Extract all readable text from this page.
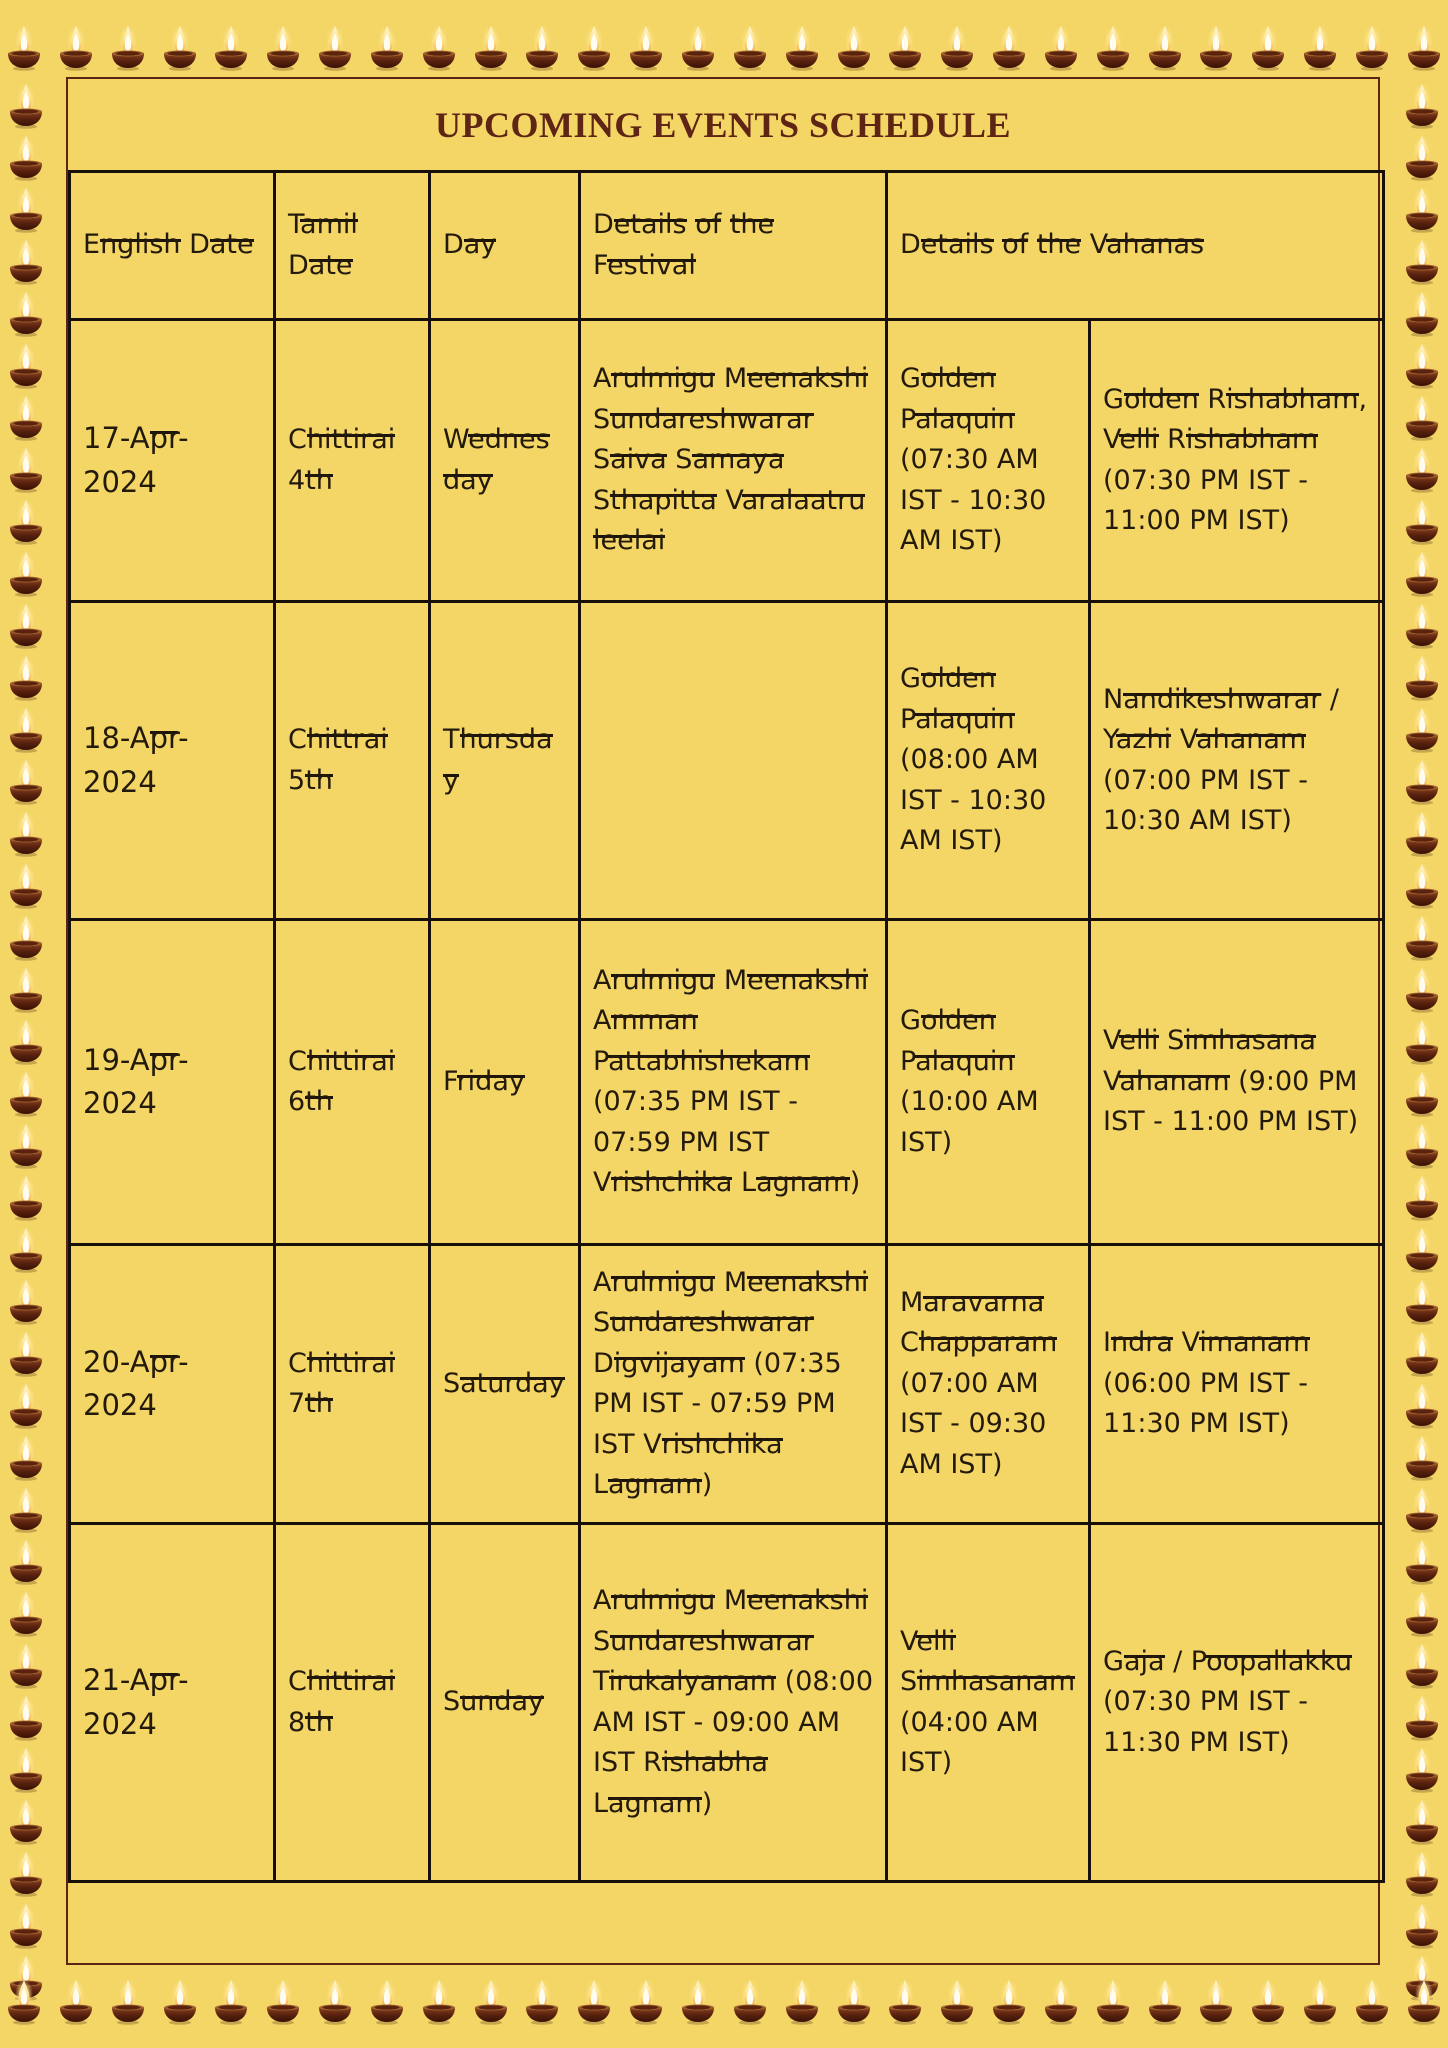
UPCOMING EVENTS SCHEDULE
English Date	Tamil Date	Day	Details of the Festival	Details of the Vahanas	
17-Apr-2024	Chittirai 4th	Wednesday	Arulmigu Meenakshi Sundareshwarar Saiva Samaya Sthapitta Varalaatru leelai	Golden Palaquin (07:30 AM IST - 10:30 AM IST)	Golden Rishabham, Velli Rishabham (07:30 PM IST - 11:00 PM IST)
18-Apr-2024	Chittrai 5th	Thursday		Golden Palaquin (08:00 AM IST - 10:30 AM IST)	Nandikeshwarar / Yazhi Vahanam (07:00 PM IST - 10:30 AM IST)
19-Apr-2024	Chittirai 6th	Friday	Arulmigu Meenakshi Amman Pattabhishekam (07:35 PM IST - 07:59 PM IST Vrishchika Lagnam)	Golden Palaquin (10:00 AM IST)	Velli Simhasana Vahanam (9:00 PM IST - 11:00 PM IST)
20-Apr-2024	Chittirai 7th	Saturday	Arulmigu Meenakshi Sundareshwarar Digvijayam (07:35 PM IST - 07:59 PM IST Vrishchika Lagnam)	Maravarna Chapparam (07:00 AM IST - 09:30 AM IST)	Indra Vimanam (06:00 PM IST - 11:30 PM IST)
21-Apr-2024	Chittirai 8th	Sunday	Arulmigu Meenakshi Sundareshwarar Tirukalyanam (08:00 AM IST - 09:00 AM IST Rishabha Lagnam)	Velli Simhasanam (04:00 AM IST)	Gaja / Poopallakku (07:30 PM IST - 11:30 PM IST)
